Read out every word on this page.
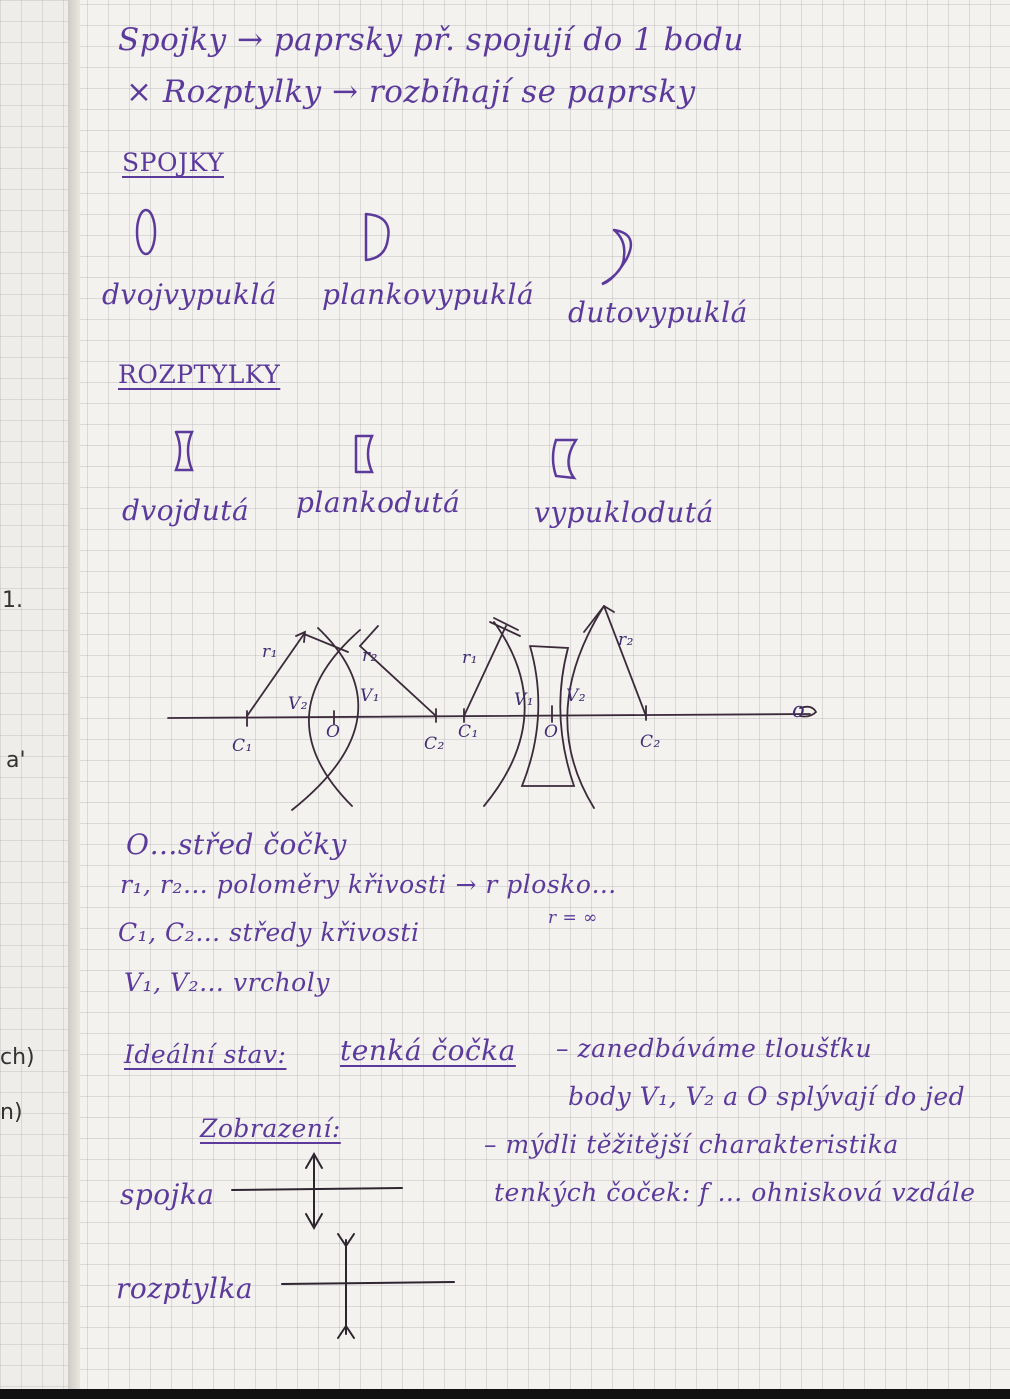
1.
a'
ch)
n)
Spojky → paprsky př. spojují do 1 bodu
× Rozptylky → rozbíhají se paprsky
SPOJKY
dvojvypuklá plankovypuklá
dutovypuklá
ROZPTYLKY
dvojdutá plankodutá	vypuklodutá
r₁	r₂
V₂	V₁
C₁
O
C₂
r₁
r₂
V₁ V₂
C₁	O	C₂
o
O…střed čočky
r₁, r₂… poloměry křivosti → r plosko…
r = ∞
C₁, C₂… středy křivosti
V₁, V₂… vrcholy
Ideální stav: tenká čočka – zanedbáváme tloušťku
body V₁, V₂ a O splývají do jed
– mýdli těžitější charakteristika
tenkých čoček: f … ohnisková vzdále
Zobrazení:
spojka
rozptylka
